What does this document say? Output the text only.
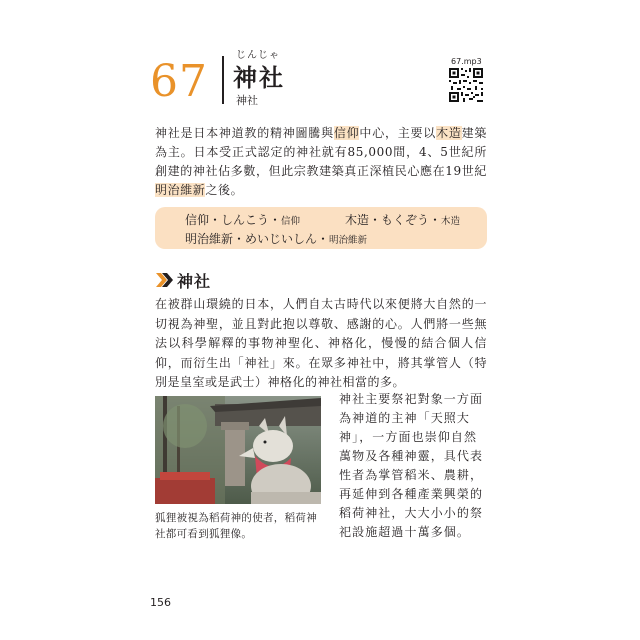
67
じんじゃ
神社
神社
67.mp3
神社是日本神道教的精神圖騰與信仰中心，主要以木造建築為主。日本受正式認定的神社就有85,000間，4、5世紀所創建的神社佔多數，但此宗教建築真正深植民心應在19世紀明治維新之後。
信仰・しんこう・信仰	木造・もくぞう・木造
明治維新・めいじいしん・明治維新
神社
在被群山環繞的日本，人們自太古時代以來便將大自然的一切視為神聖，並且對此抱以尊敬、感謝的心。人們將一些無法以科學解釋的事物神聖化、神格化，慢慢的結合個人信仰，而衍生出「神社」來。在眾多神社中，將其掌管人（特別是皇室或是武士）神格化的神社相當的多。
狐狸被視為稻荷神的使者，稻荷神社都可看到狐狸像。
神社主要祭祀對象一方面為神道的主神「天照大神」，一方面也崇仰自然萬物及各種神靈，具代表性者為掌管稻米、農耕，再延伸到各種產業興榮的稻荷神社，大大小小的祭祀設施超過十萬多個。
156
